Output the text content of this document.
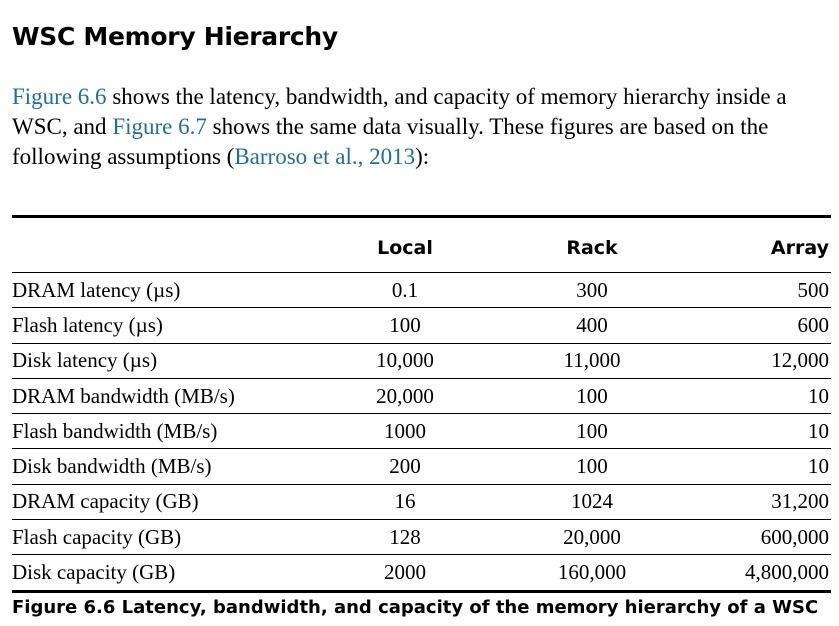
WSC Memory Hierarchy

Figure 6.6 shows the latency, bandwidth, and capacity of memory hierarchy inside a WSC, and Figure 6.7 shows the same data visually. These figures are based on the following assumptions (Barroso et al., 2013):

	Local	Rack	Array
DRAM latency (µs)	0.1	300	500
Flash latency (µs)	100	400	600
Disk latency (µs)	10,000	11,000	12,000
DRAM bandwidth (MB/s)	20,000	100	10
Flash bandwidth (MB/s)	1000	100	10
Disk bandwidth (MB/s)	200	100	10
DRAM capacity (GB)	16	1024	31,200
Flash capacity (GB)	128	20,000	600,000
Disk capacity (GB)	2000	160,000	4,800,000

Figure 6.6 Latency, bandwidth, and capacity of the memory hierarchy of a WSC
